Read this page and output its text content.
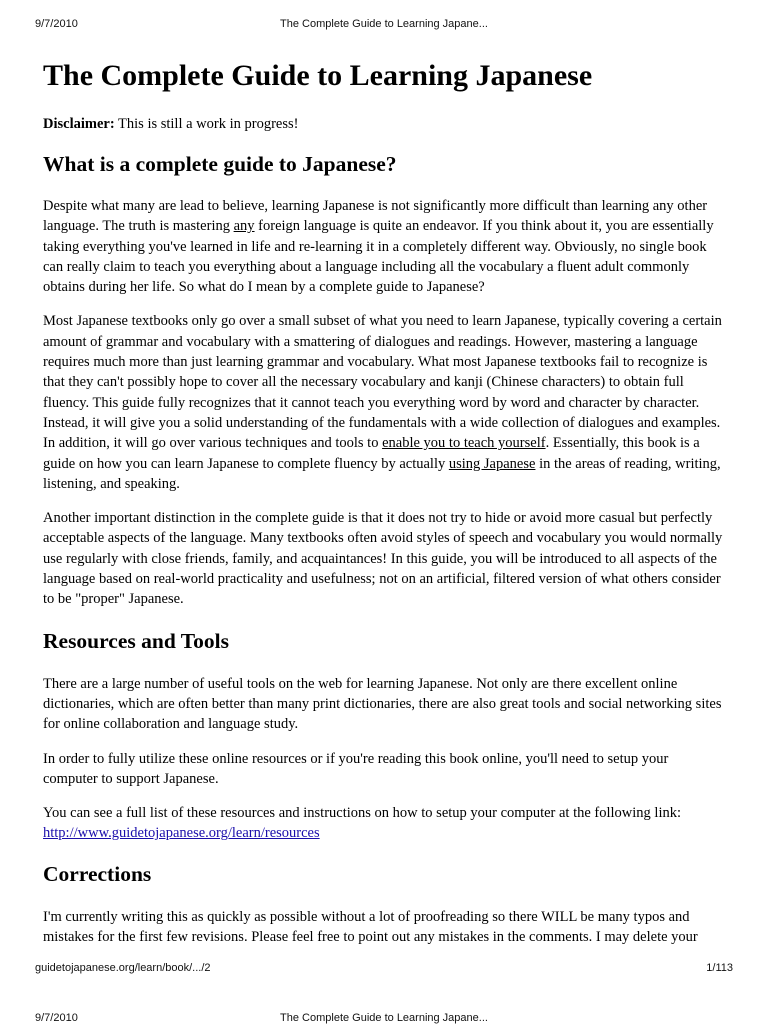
9/7/2010	The Complete Guide to Learning Japane...
The Complete Guide to Learning Japanese

Disclaimer: This is still a work in progress!

What is a complete guide to Japanese?

Despite what many are lead to believe, learning Japanese is not significantly more difficult than learning any other language. The truth is mastering any foreign language is quite an endeavor. If you think about it, you are essentially taking everything you've learned in life and re-learning it in a completely different way. Obviously, no single book can really claim to teach you everything about a language including all the vocabulary a fluent adult commonly obtains during her life. So what do I mean by a complete guide to Japanese?

Most Japanese textbooks only go over a small subset of what you need to learn Japanese, typically covering a certain amount of grammar and vocabulary with a smattering of dialogues and readings. However, mastering a language requires much more than just learning grammar and vocabulary. What most Japanese textbooks fail to recognize is that they can't possibly hope to cover all the necessary vocabulary and kanji (Chinese characters) to obtain full fluency. This guide fully recognizes that it cannot teach you everything word by word and character by character. Instead, it will give you a solid understanding of the fundamentals with a wide collection of dialogues and examples. In addition, it will go over various techniques and tools to enable you to teach yourself. Essentially, this book is a guide on how you can learn Japanese to complete fluency by actually using Japanese in the areas of reading, writing, listening, and speaking.

Another important distinction in the complete guide is that it does not try to hide or avoid more casual but perfectly acceptable aspects of the language. Many textbooks often avoid styles of speech and vocabulary you would normally use regularly with close friends, family, and acquaintances! In this guide, you will be introduced to all aspects of the language based on real-world practicality and usefulness; not on an artificial, filtered version of what others consider to be "proper" Japanese.

Resources and Tools

There are a large number of useful tools on the web for learning Japanese. Not only are there excellent online dictionaries, which are often better than many print dictionaries, there are also great tools and social networking sites for online collaboration and language study.

In order to fully utilize these online resources or if you're reading this book online, you'll need to setup your computer to support Japanese.

You can see a full list of these resources and instructions on how to setup your computer at the following link:
http://www.guidetojapanese.org/learn/resources

Corrections

I'm currently writing this as quickly as possible without a lot of proofreading so there WILL be many typos and mistakes for the first few revisions. Please feel free to point out any mistakes in the comments. I may delete your

guidetojapanese.org/learn/book/.../2	1/113
9/7/2010	The Complete Guide to Learning Japane...
